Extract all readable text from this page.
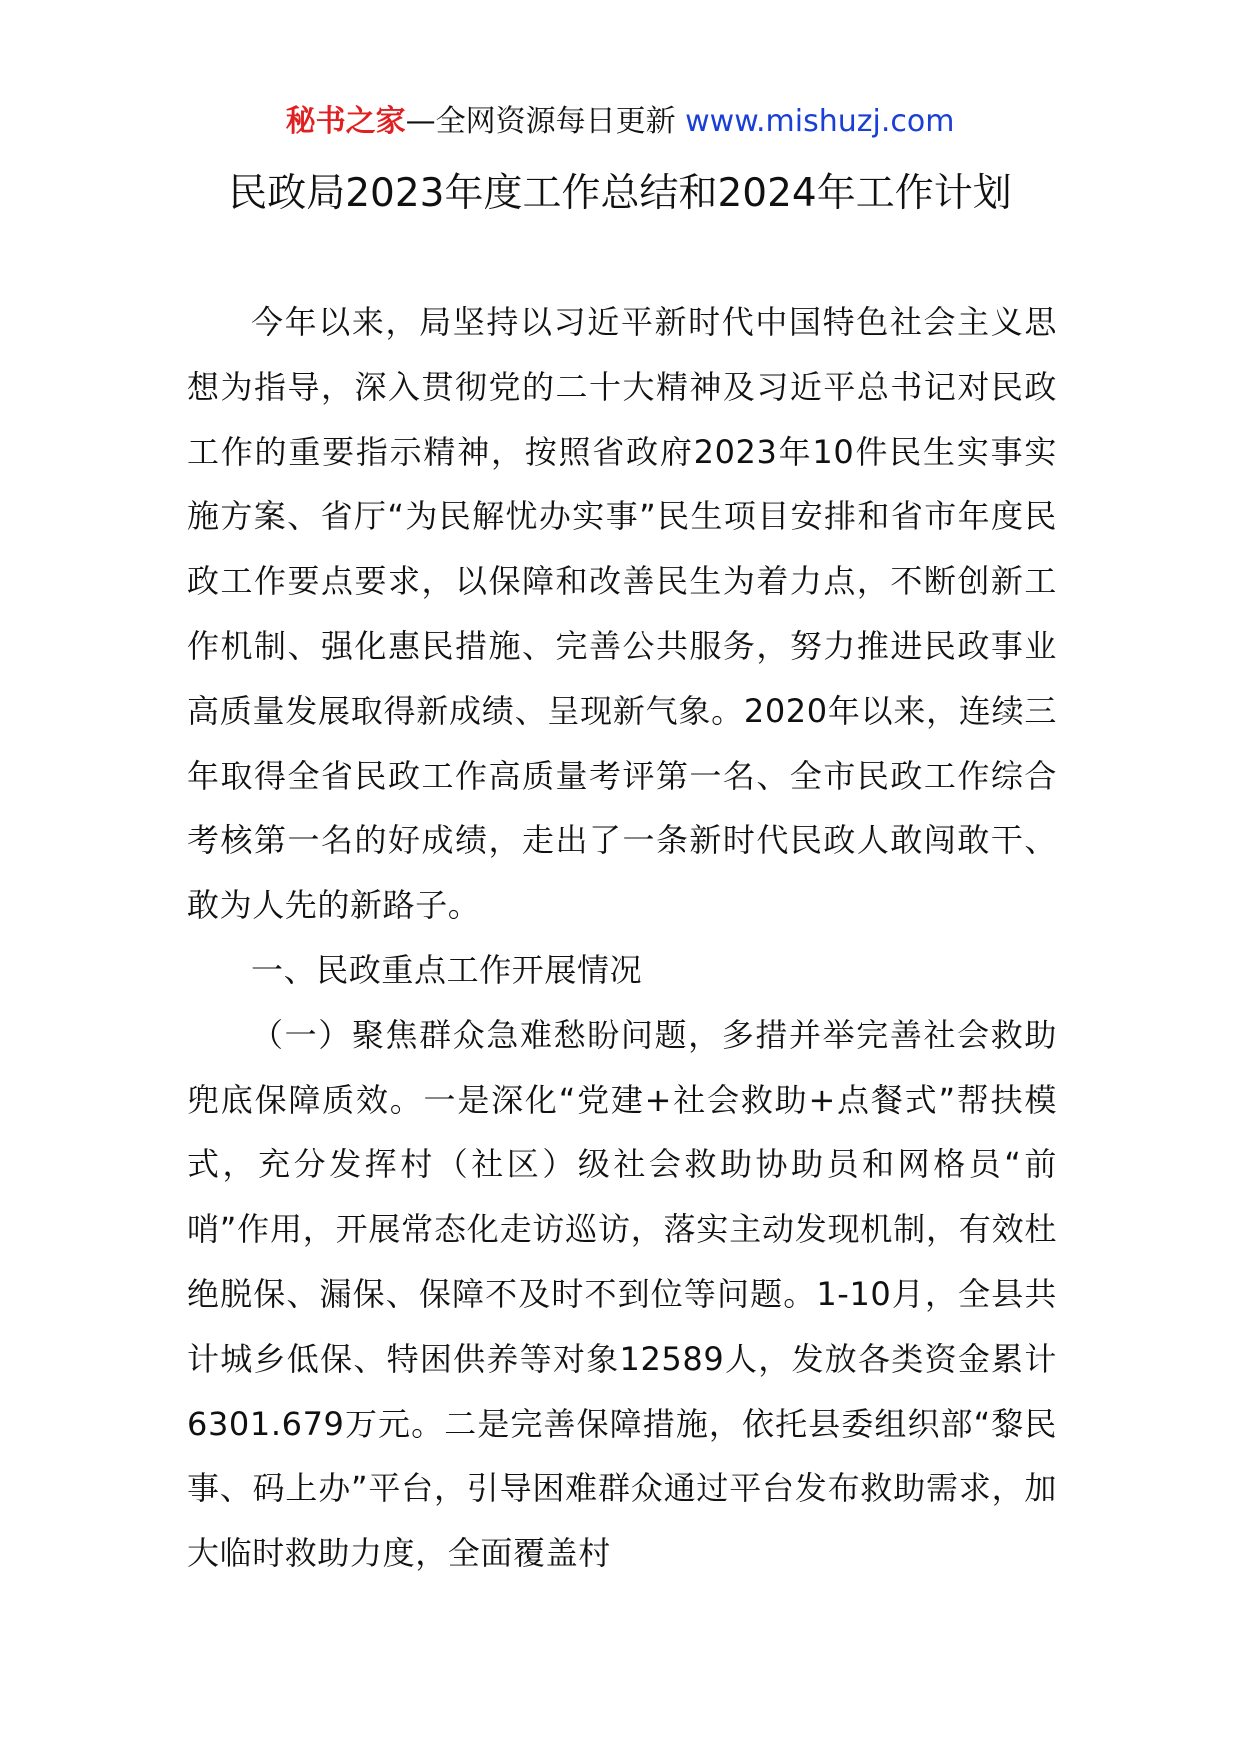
秘书之家—全网资源每日更新 www.mishuzj.com
民政局2023年度工作总结和2024年工作计划

今年以来，局坚持以习近平新时代中国特色社会主义思想为指导，深入贯彻党的二十大精神及习近平总书记对民政工作的重要指示精神，按照省政府2023年10件民生实事实施方案、省厅“为民解忧办实事”民生项目安排和省市年度民政工作要点要求，以保障和改善民生为着力点，不断创新工作机制、强化惠民措施、完善公共服务，努力推进民政事业高质量发展取得新成绩、呈现新气象。2020年以来，连续三年取得全省民政工作高质量考评第一名、全市民政工作综合考核第一名的好成绩，走出了一条新时代民政人敢闯敢干、敢为人先的新路子。

一、民政重点工作开展情况

（一）聚焦群众急难愁盼问题，多措并举完善社会救助兜底保障质效。一是深化“党建+社会救助+点餐式”帮扶模式，充分发挥村（社区）级社会救助协助员和网格员“前哨”作用，开展常态化走访巡访，落实主动发现机制，有效杜绝脱保、漏保、保障不及时不到位等问题。1-10月，全县共计城乡低保、特困供养等对象12589人，发放各类资金累计6301.679万元。二是完善保障措施，依托县委组织部“黎民事、码上办”平台，引导困难群众通过平台发布救助需求，加大临时救助力度，全面覆盖村
